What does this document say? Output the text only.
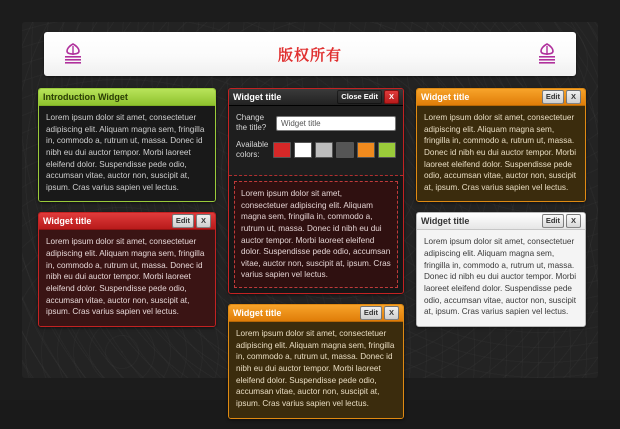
版权所有
Introduction Widget
Lorem ipsum dolor sit amet, consectetuer adipiscing elit. Aliquam magna sem, fringilla in, commodo a, rutrum ut, massa. Donec id nibh eu dui auctor tempor. Morbi laoreet eleifend dolor. Suspendisse pede odio, accumsan vitae, auctor non, suscipit at, ipsum. Cras varius sapien vel lectus.
Widget title	Edit	X
Lorem ipsum dolor sit amet, consectetuer adipiscing elit. Aliquam magna sem, fringilla in, commodo a, rutrum ut, massa. Donec id nibh eu dui auctor tempor. Morbi laoreet eleifend dolor. Suspendisse pede odio, accumsan vitae, auctor non, suscipit at, ipsum. Cras varius sapien vel lectus.
Widget title	Close Edit	X
Change the title?
Widget title
Available colors:
Lorem ipsum dolor sit amet, consectetuer adipiscing elit. Aliquam magna sem, fringilla in, commodo a, rutrum ut, massa. Donec id nibh eu dui auctor tempor. Morbi laoreet eleifend dolor. Suspendisse pede odio, accumsan vitae, auctor non, suscipit at, ipsum. Cras varius sapien vel lectus.
Widget title	Edit	X
Lorem ipsum dolor sit amet, consectetuer adipiscing elit. Aliquam magna sem, fringilla in, commodo a, rutrum ut, massa. Donec id nibh eu dui auctor tempor. Morbi laoreet eleifend dolor. Suspendisse pede odio, accumsan vitae, auctor non, suscipit at, ipsum. Cras varius sapien vel lectus.
Widget title	Edit	X
Lorem ipsum dolor sit amet, consectetuer adipiscing elit. Aliquam magna sem, fringilla in, commodo a, rutrum ut, massa. Donec id nibh eu dui auctor tempor. Morbi laoreet eleifend dolor. Suspendisse pede odio, accumsan vitae, auctor non, suscipit at, ipsum. Cras varius sapien vel lectus.
Widget title	Edit	X
Lorem ipsum dolor sit amet, consectetuer adipiscing elit. Aliquam magna sem, fringilla in, commodo a, rutrum ut, massa. Donec id nibh eu dui auctor tempor. Morbi laoreet eleifend dolor. Suspendisse pede odio, accumsan vitae, auctor non, suscipit at, ipsum. Cras varius sapien vel lectus.
